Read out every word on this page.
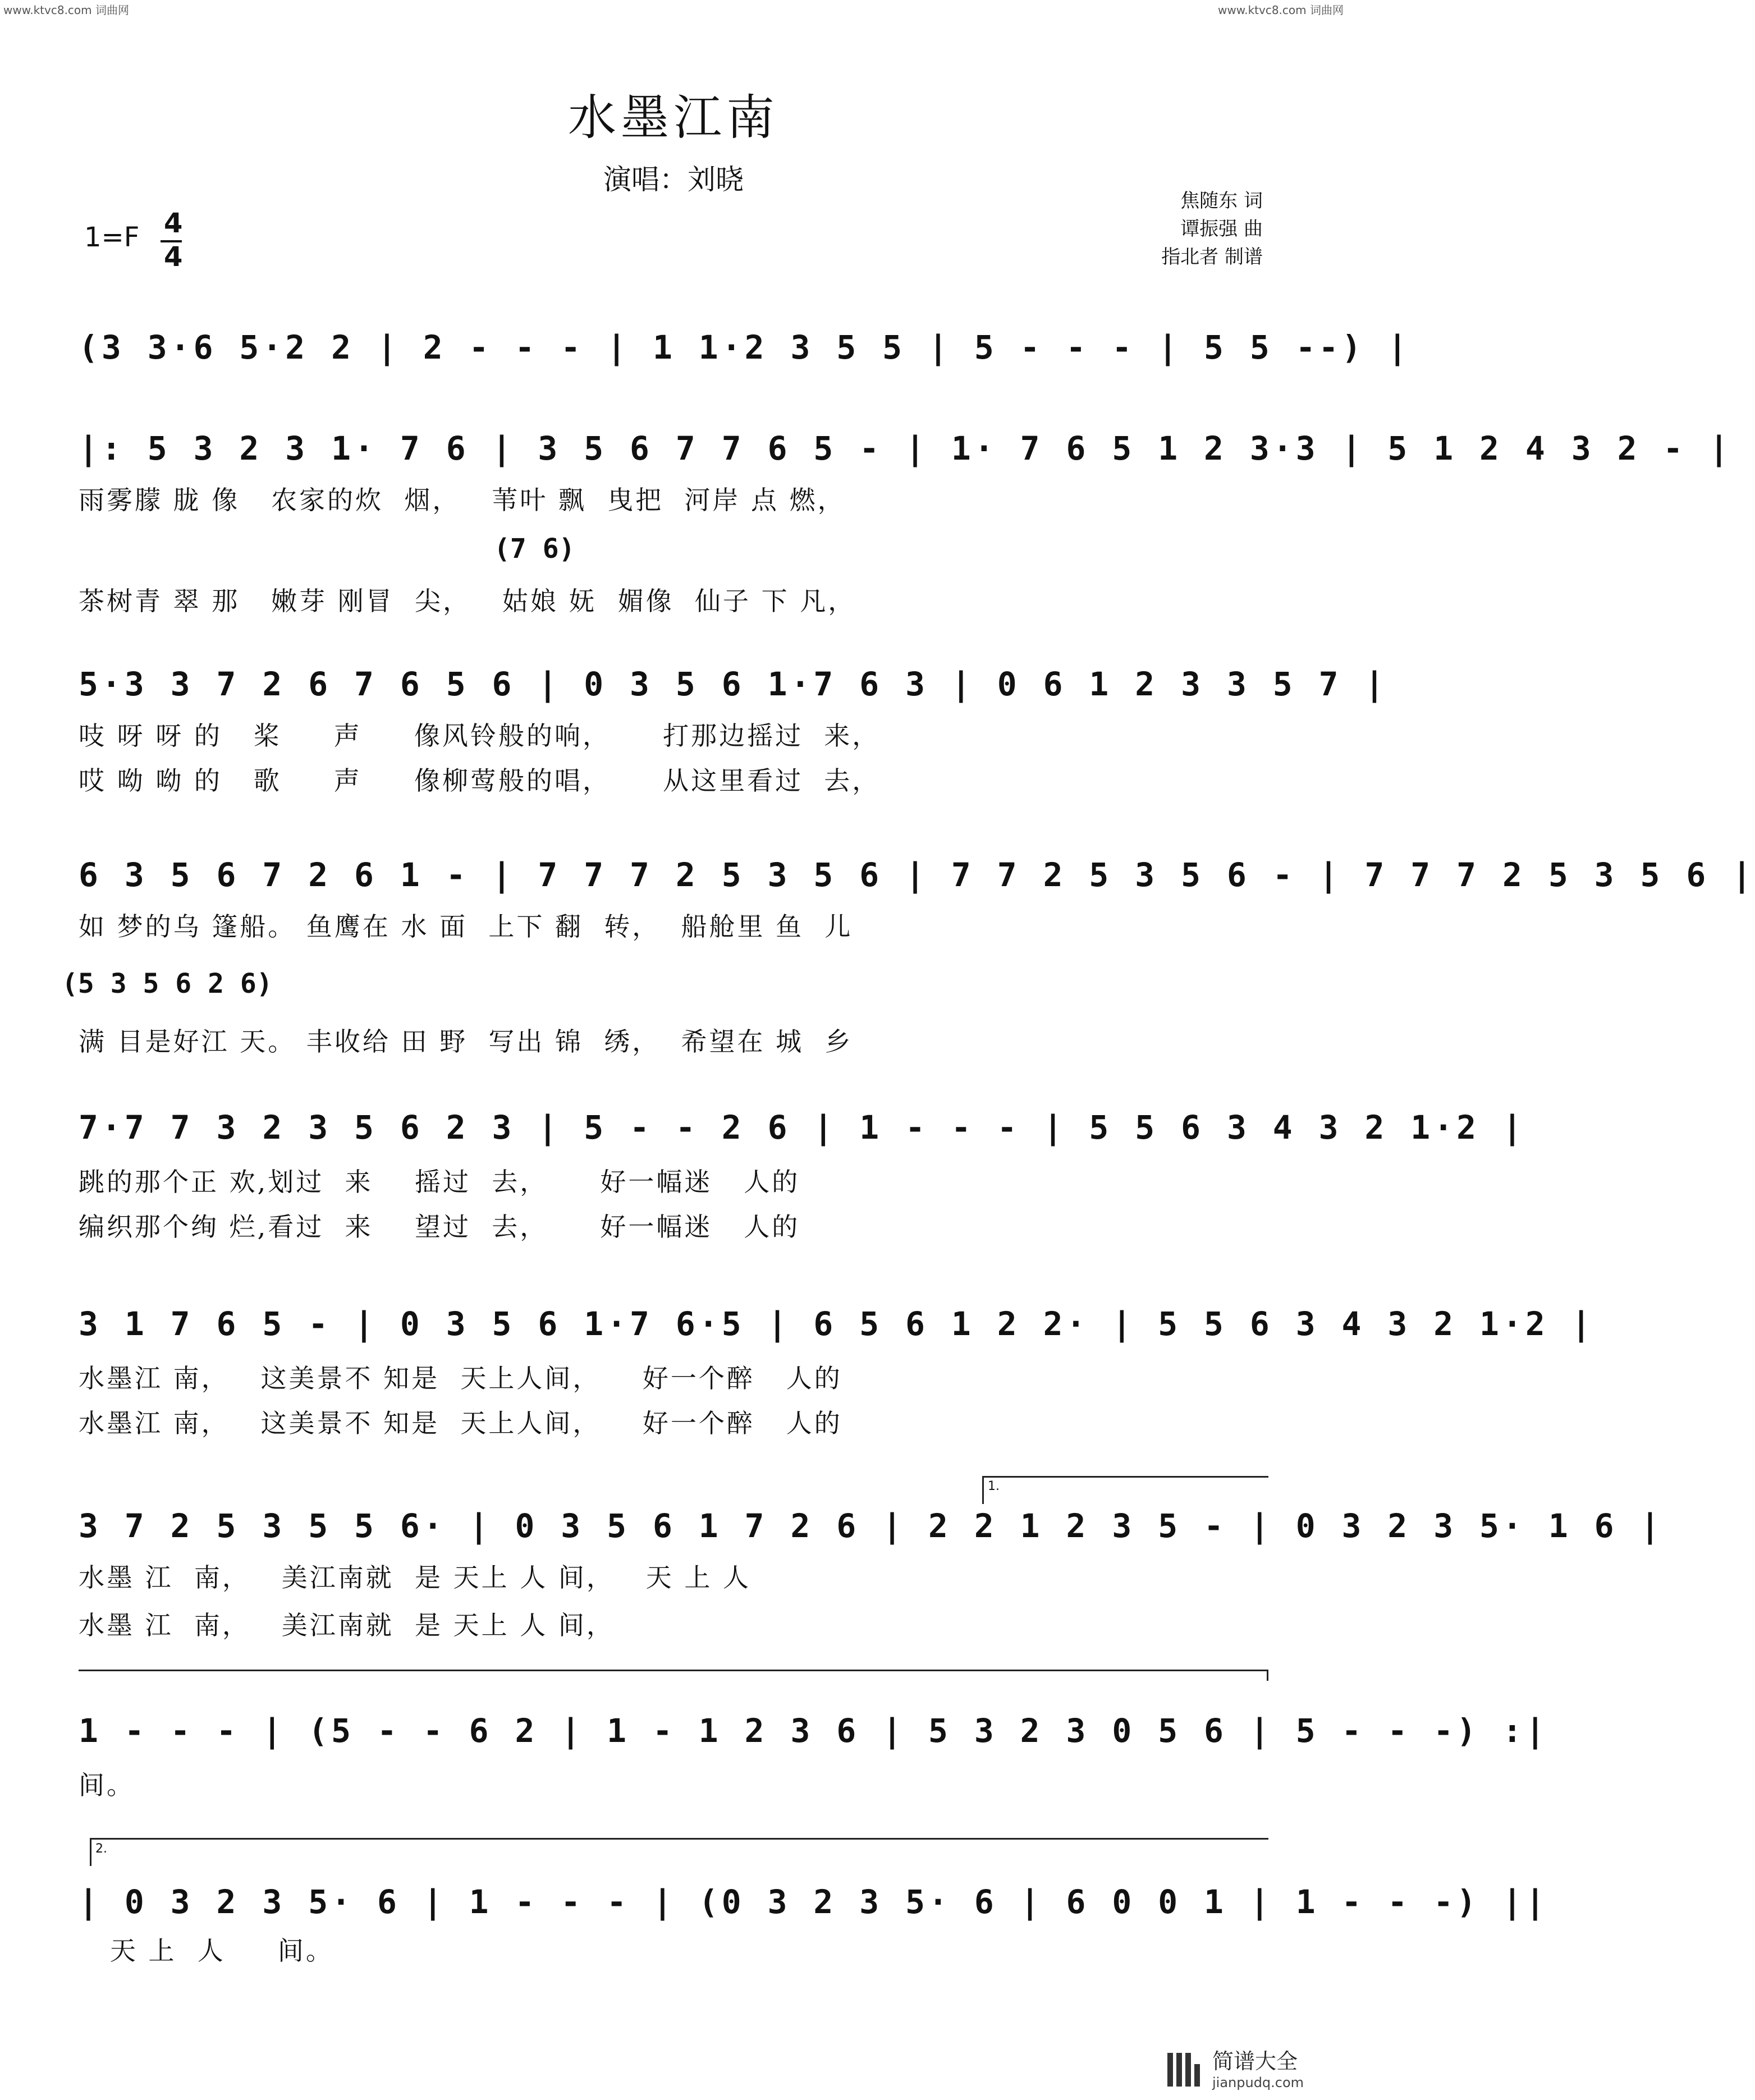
www.ktvc8.com 词曲网	www.ktvc8.com 词曲网
水墨江南
演唱：刘晓
焦随东 词
谭振强 曲
指北者 制谱
1=F 4
4
(3 3·6 5·2 2 | 2 - - - | 1 1·2 3 5 5 | 5 - - - | 5 5 --) |
|: 5 3 2 3 1· 7 6 | 3 5 6 7 7 6 5 - | 1· 7 6 5 1 2 3·3 | 5 1 2 4 3 2 - |
雨雾朦 胧 像   农家的炊  烟，   苇叶 飘  曳把  河岸 点 燃，
(7 6)
茶树青 翠 那   嫩芽 刚冒  尖，   姑娘 妩  媚像  仙子 下 凡，
5·3 3 7 2 6 7 6 5 6 | 0 3 5 6 1·7 6 3 | 0 6 1 2 3 3 5 7 |
吱 呀 呀 的   桨     声     像风铃般的响，     打那边摇过  来，
哎 呦 呦 的   歌     声     像柳莺般的唱，     从这里看过  去，
6 3 5 6 7 2 6 1 - | 7 7 7 2 5 3 5 6 | 7 7 2 5 3 5 6 - | 7 7 7 2 5 3 5 6 |
如 梦的乌 篷船。 鱼鹰在 水 面  上下 翻  转，  船舱里 鱼  儿
(5 3 5 6 2 6)
满 目是好江 天。 丰收给 田 野  写出 锦  绣，  希望在 城  乡
7·7 7 3 2 3 5 6 2 3 | 5 - - 2 6 | 1 - - - | 5 5 6 3 4 3 2 1·2 |
跳的那个正 欢,划过  来    摇过  去，     好一幅迷   人的
编织那个绚 烂,看过  来    望过  去，     好一幅迷   人的
3 1 7 6 5 - | 0 3 5 6 1·7 6·5 | 6 5 6 1 2 2· | 5 5 6 3 4 3 2 1·2 |
水墨江 南，   这美景不 知是  天上人间，    好一个醉   人的
水墨江 南，   这美景不 知是  天上人间，    好一个醉   人的
1.
3 7 2 5 3 5 5 6· | 0 3 5 6 1 7 2 6 | 2 2 1 2 3 5 - | 0 3 2 3 5· 1 6 |
水墨 江  南，   美江南就  是 天上 人 间，   天 上 人
水墨 江  南，   美江南就  是 天上 人 间，
1 - - - | (5 - - 6 2 | 1 - 1 2 3 6 | 5 3 2 3 0 5 6 | 5 - - -) :|
间。
2.
| 0 3 2 3 5· 6 | 1 - - - | (0 3 2 3 5· 6 | 6 0 0 1 | 1 - - -) ||
天 上  人     间。
简谱大全
jianpudq.com
